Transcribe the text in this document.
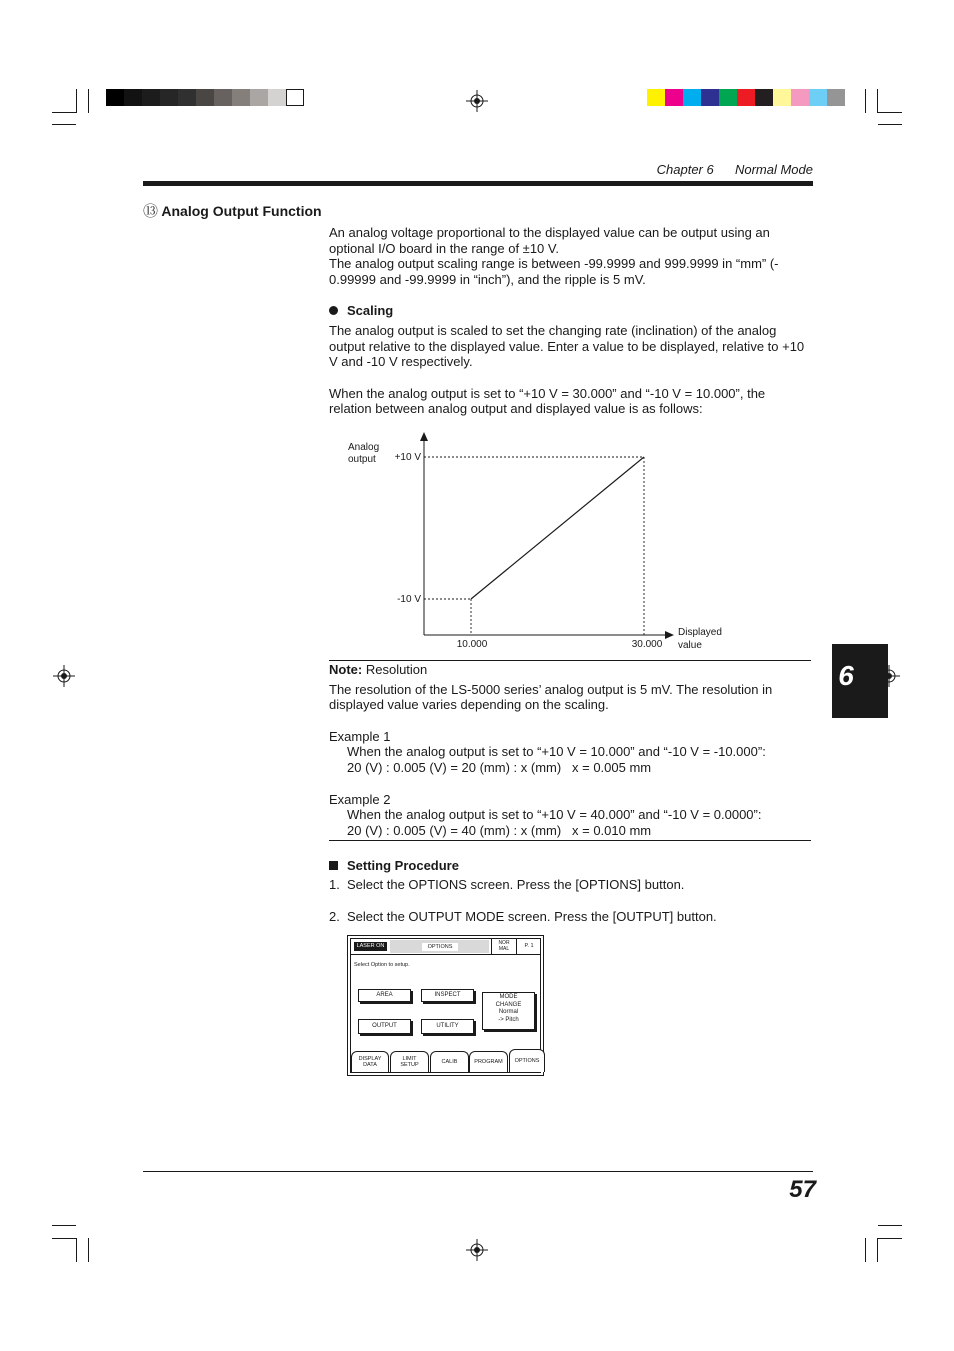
Chapter 6 Normal Mode
⑬ Analog Output Function
An analog voltage proportional to the displayed value can be output using an
optional I/O board in the range of ±10 V.
The analog output scaling range is between -99.9999 and 999.9999 in “mm” (-
0.99999 and -99.9999 in “inch”), and the ripple is 5 mV.
Scaling
The analog output is scaled to set the changing rate (inclination) of the analog
output relative to the displayed value. Enter a value to be displayed, relative to +10
V and -10 V respectively.
When the analog output is set to “+10 V = 30.000” and “-10 V = 10.000”, the
relation between analog output and displayed value is as follows:
Analog
output
Displayed
value
+10 V
-10 V
10.000	30.000
Note: Resolution
The resolution of the LS-5000 series’ analog output is 5 mV. The resolution in
displayed value varies depending on the scaling.
Example 1
When the analog output is set to “+10 V = 10.000” and “-10 V = -10.000”:
20 (V) : 0.005 (V) = 20 (mm) : x (mm)   x = 0.005 mm
Example 2
When the analog output is set to “+10 V = 40.000” and “-10 V = 0.0000”:
20 (V) : 0.005 (V) = 40 (mm) : x (mm)   x = 0.010 mm
Setting Procedure
1. Select the OPTIONS screen. Press the [OPTIONS] button.
2. Select the OUTPUT MODE screen. Press the [OUTPUT] button.
LASER ON	OPTIONS
NOR
MAL	P. 1
Select Option to setup.
AREA	INSPECT
OUTPUT	UTILITY
MODE
CHANGE
Normal
-> Pitch
DISPLAY
DATA
LIMIT
SETUP
CALIB	PROGRAM	OPTIONS
6
57
